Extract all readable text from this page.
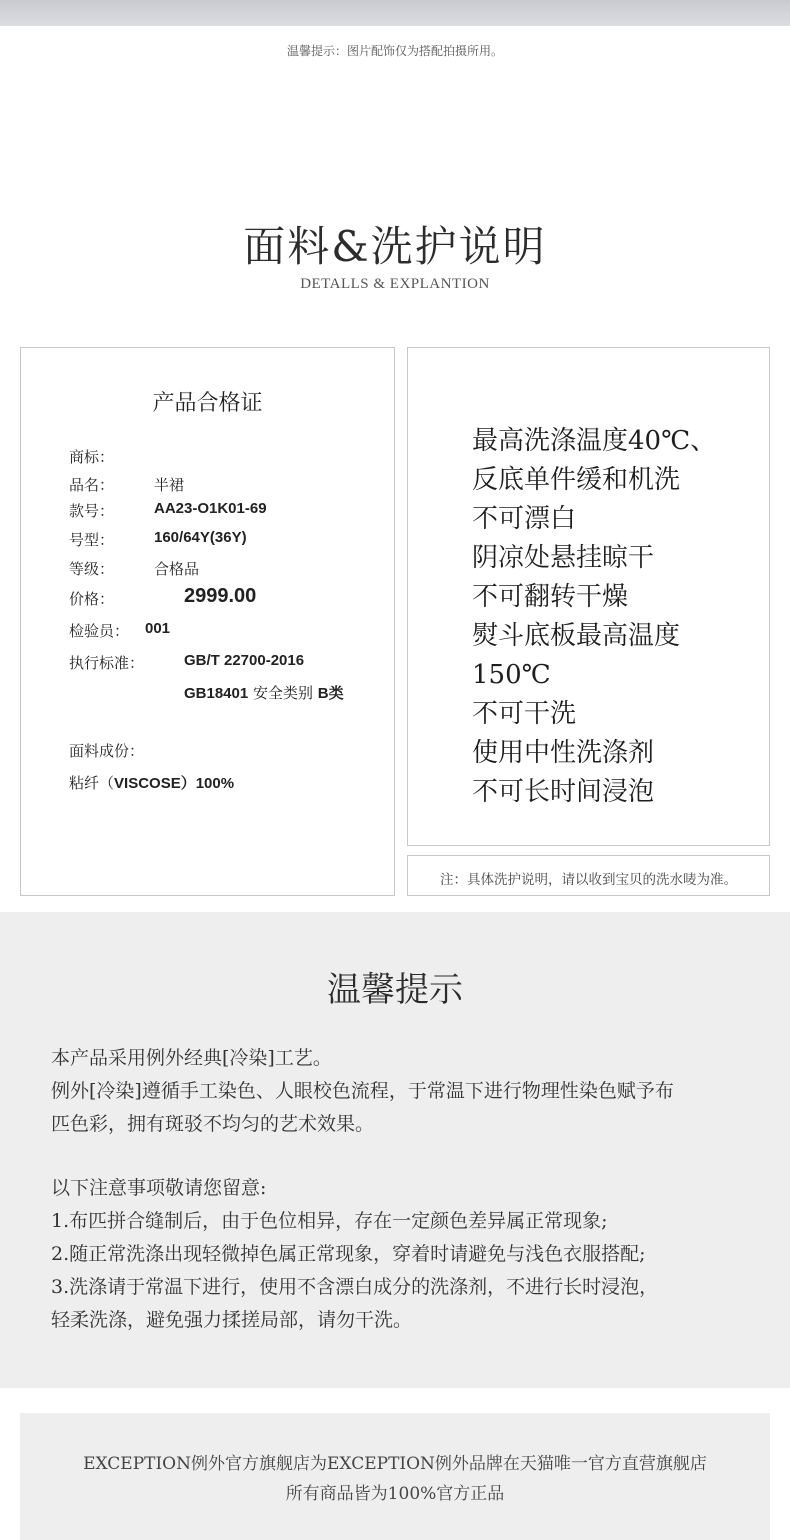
温馨提示：图片配饰仅为搭配拍摄所用。
面料&洗护说明
DETALLS & EXPLANTION
产品合格证
商标：
品名：	半裙
款号：	AA23-O1K01-69
号型：	160/64Y(36Y)
等级：	合格品
价格：	2999.00
检验员： 001
执行标准：	GB/T 22700-2016
GB18401 安全类别 B类
面料成份：
粘纤（VISCOSE）100%
最高洗涤温度40℃、
反底单件缓和机洗
不可漂白
阴凉处悬挂晾干
不可翻转干燥
熨斗底板最高温度
150℃
不可干洗
使用中性洗涤剂
不可长时间浸泡
注：具体洗护说明，请以收到宝贝的洗水唛为准。
温馨提示
本产品采用例外经典[冷染]工艺。
例外[冷染]遵循手工染色、人眼校色流程，于常温下进行物理性染色赋予布
匹色彩，拥有斑驳不均匀的艺术效果。
以下注意事项敬请您留意:
1.布匹拼合缝制后，由于色位相异，存在一定颜色差异属正常现象;
2.随正常洗涤出现轻微掉色属正常现象，穿着时请避免与浅色衣服搭配;
3.洗涤请于常温下进行，使用不含漂白成分的洗涤剂，不进行长时浸泡，
轻柔洗涤，避免强力揉搓局部，请勿干洗。
EXCEPTION例外官方旗舰店为EXCEPTION例外品牌在天猫唯一官方直营旗舰店
所有商品皆为100%官方正品
